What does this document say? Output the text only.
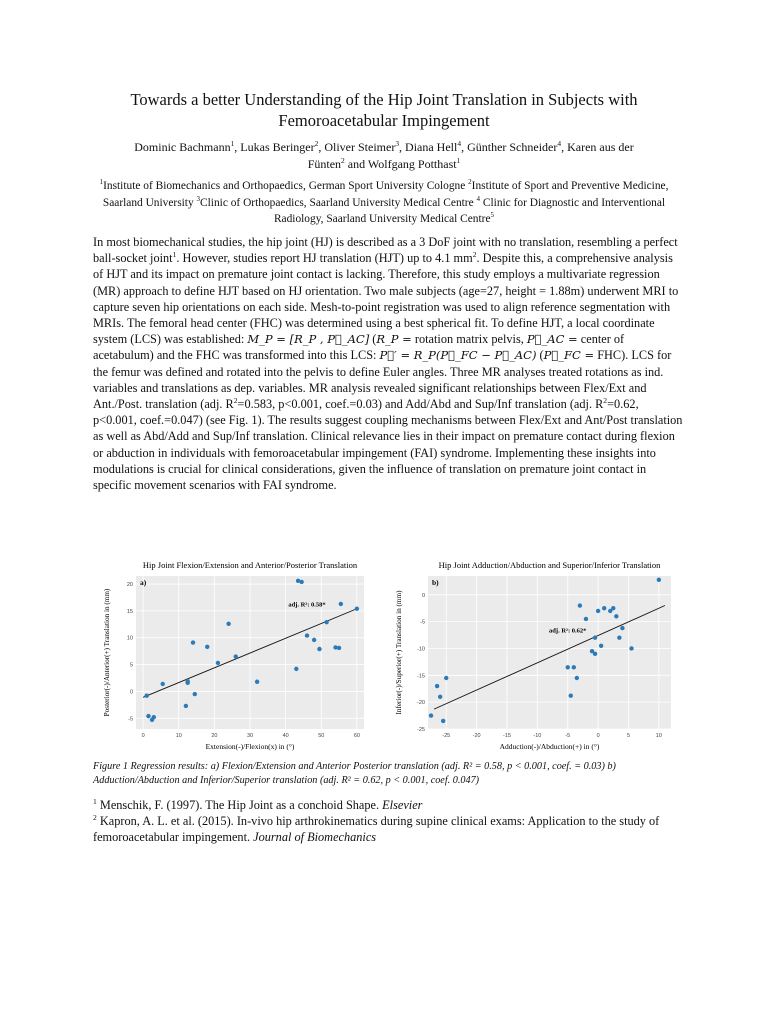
Towards a better Understanding of the Hip Joint Translation in Subjects with Femoroacetabular Impingement
Dominic Bachmann$^1$, Lukas Beringer$^2$, Oliver Steimer$^3$, Diana Hell$^4$, Günther Schneider$^4$, Karen aus der Fünten$^2$ and Wolfgang Potthast$^1$
$^1$Institute of Biomechanics and Orthopaedics, German Sport University Cologne $^2$Institute of Sport and Preventive Medicine, Saarland University $^3$Clinic of Orthopaedics, Saarland University Medical Centre $^4$ Clinic for Diagnostic and Interventional Radiology, Saarland University Medical Centre$^5$

In most biomechanical studies, the hip joint (HJ) is described as a 3 DoF joint with no translation, resembling a perfect ball-socket joint$^1$. However, studies report HJ translation (HJT) up to 4.1 $mm^2$. Despite this, a comprehensive analysis of HJT and its impact on premature joint contact is lacking. Therefore, this study employs a multivariate regression (MR) approach to define HJT based on HJ orientation. Two male subjects (age=27, height = 1.88m) underwent MRI to capture seven hip orientations on each side. Mesh-to-point registration was used to align reference segmentation with MRIs. The femoral head center (FHC) was determined using a best spherical fit. To define HJT, a local coordinate system (LCS) was established: M_P = [R_P , P⃗_AC] (R_P = rotation matrix pelvis, P⃗_AC = center of acetabulum) and the FHC was transformed into this LCS: P⃗′ = R_P(P⃗_FC − P⃗_AC) (P⃗_FC = FHC). LCS for the femur was defined and rotated into the pelvis to define Euler angles. Three MR analyses treated rotations as ind. variables and translations as dep. variables. MR analysis revealed significant relationships between Flex/Ext and Ant./Post. translation (adj. $R^2=0.583$, p<0.001, coef.=0.03) and Add/Abd and Sup/Inf translation (adj. $R^2=0.62$, p<0.001, coef.=0.047) (see Fig. 1). The results suggest coupling mechanisms between Flex/Ext and Ant/Post translation as well as Abd/Add and Sup/Inf translation. Clinical relevance lies in their impact on premature contact during flexion or abduction in individuals with femoroacetabular impingement (FAI) syndrome. Implementing these insights into modulations is crucial for clinical considerations, given the influence of translation on premature joint contact in specific movement scenarios with FAI syndrome.

Hip Joint Flexion/Extension and Anterior/Posterior Translation
0	10	20	30	40	50	60
-5
0
5
10
15
20 a)
adj. R²: 0.58*
Extension(-)/Flexion(x) in (°)
Posterior(-)/Anterior(+) Translation in (mm)
Hip Joint Adduction/Abduction and Superior/Inferior Translation
-25	-20	-15	-10	-5	0	5	10
-25
-20
-15
-10
-5
0
b)
adj. R²: 0.62*
Adduction(-)/Abduction(+) in (°)
Inferior(-)/Superior(+) Translation in (mm)
Figure 1 Regression results: a) Flexion/Extension and Anterior Posterior translation (adj. R² = 0.58, p < 0.001, coef. = 0.03) b) Adduction/Abduction and Inferior/Superior translation (adj. R² = 0.62, p < 0.001, coef. 0.047)
$^1$ Menschik, F. (1997). The Hip Joint as a conchoid Shape. Elsevier
$^2$ Kapron, A. L. et al. (2015). In-vivo hip arthrokinematics during supine clinical exams: Application to the study of femoroacetabular impingement. Journal of Biomechanics
